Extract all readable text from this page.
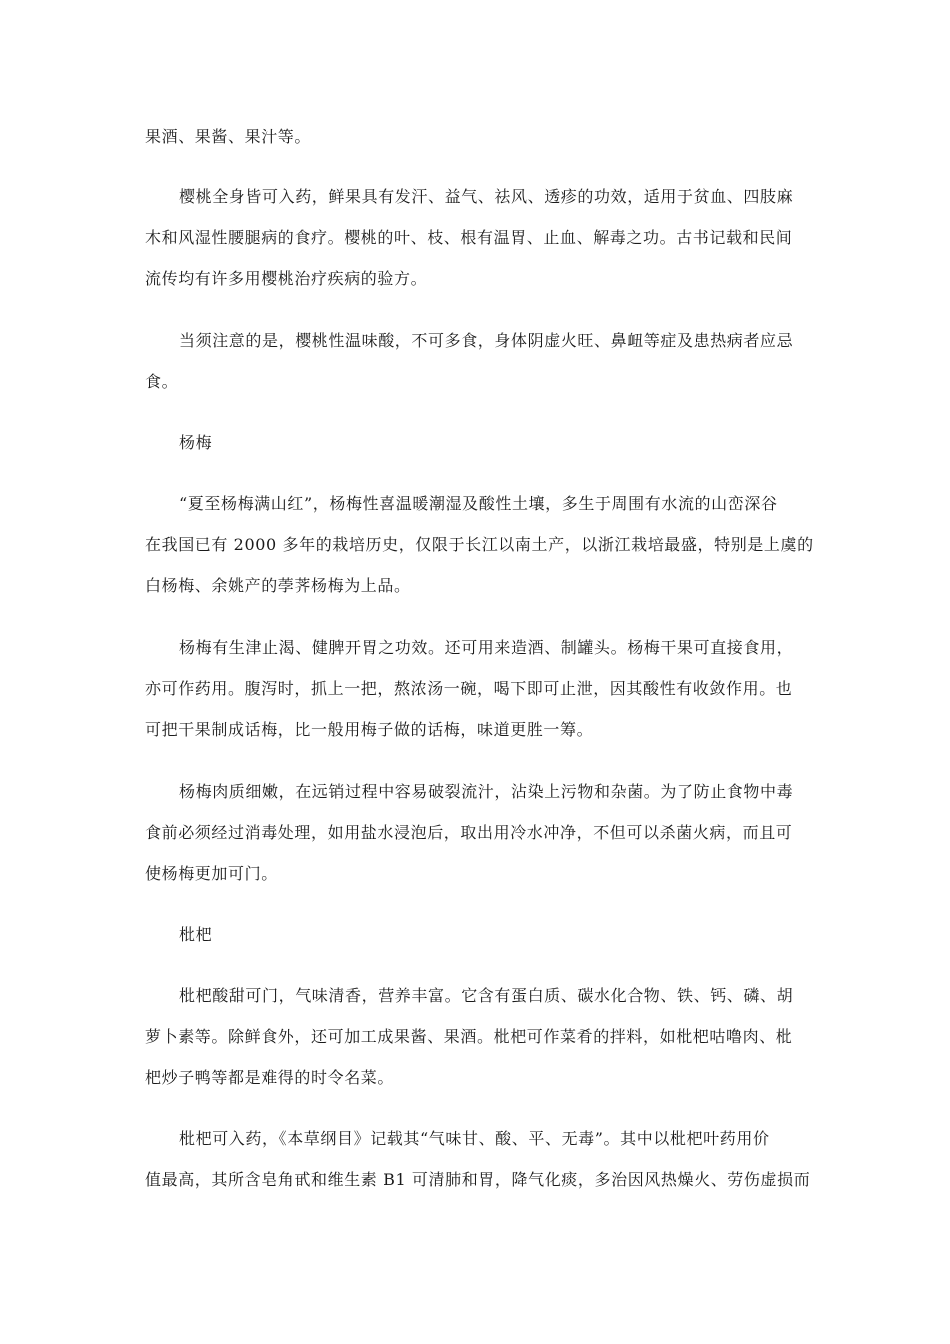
果酒、果酱、果汁等。
樱桃全身皆可入药，鲜果具有发汗、益气、祛风、透疹的功效，适用于贫血、四肢麻
木和风湿性腰腿病的食疗。樱桃的叶、枝、根有温胃、止血、解毒之功。古书记载和民间
流传均有许多用樱桃治疗疾病的验方。
当须注意的是，樱桃性温味酸，不可多食，身体阴虚火旺、鼻衄等症及患热病者应忌
食。
杨梅
“夏至杨梅满山红”，杨梅性喜温暖潮湿及酸性土壤，多生于周围有水流的山峦深谷
在我国已有 2000 多年的栽培历史，仅限于长江以南土产，以浙江栽培最盛，特别是上虞的
白杨梅、余姚产的荸荠杨梅为上品。
杨梅有生津止渴、健脾开胃之功效。还可用来造酒、制罐头。杨梅干果可直接食用，
亦可作药用。腹泻时，抓上一把，熬浓汤一碗，喝下即可止泄，因其酸性有收敛作用。也
可把干果制成话梅，比一般用梅子做的话梅，味道更胜一筹。
杨梅肉质细嫩，在远销过程中容易破裂流汁，沾染上污物和杂菌。为了防止食物中毒
食前必须经过消毒处理，如用盐水浸泡后，取出用冷水冲净，不但可以杀菌火病，而且可
使杨梅更加可门。
枇杷
枇杷酸甜可门，气味清香，营养丰富。它含有蛋白质、碳水化合物、铁、钙、磷、胡
萝卜素等。除鲜食外，还可加工成果酱、果酒。枇杷可作菜肴的拌料，如枇杷咕噜肉、枇
杷炒子鸭等都是难得的时令名菜。
枇杷可入药，《本草纲目》记载其“气味甘、酸、平、无毒”。其中以枇杷叶药用价
值最高，其所含皂角甙和维生素 B1 可清肺和胃，降气化痰，多治因风热燥火、劳伤虚损而
